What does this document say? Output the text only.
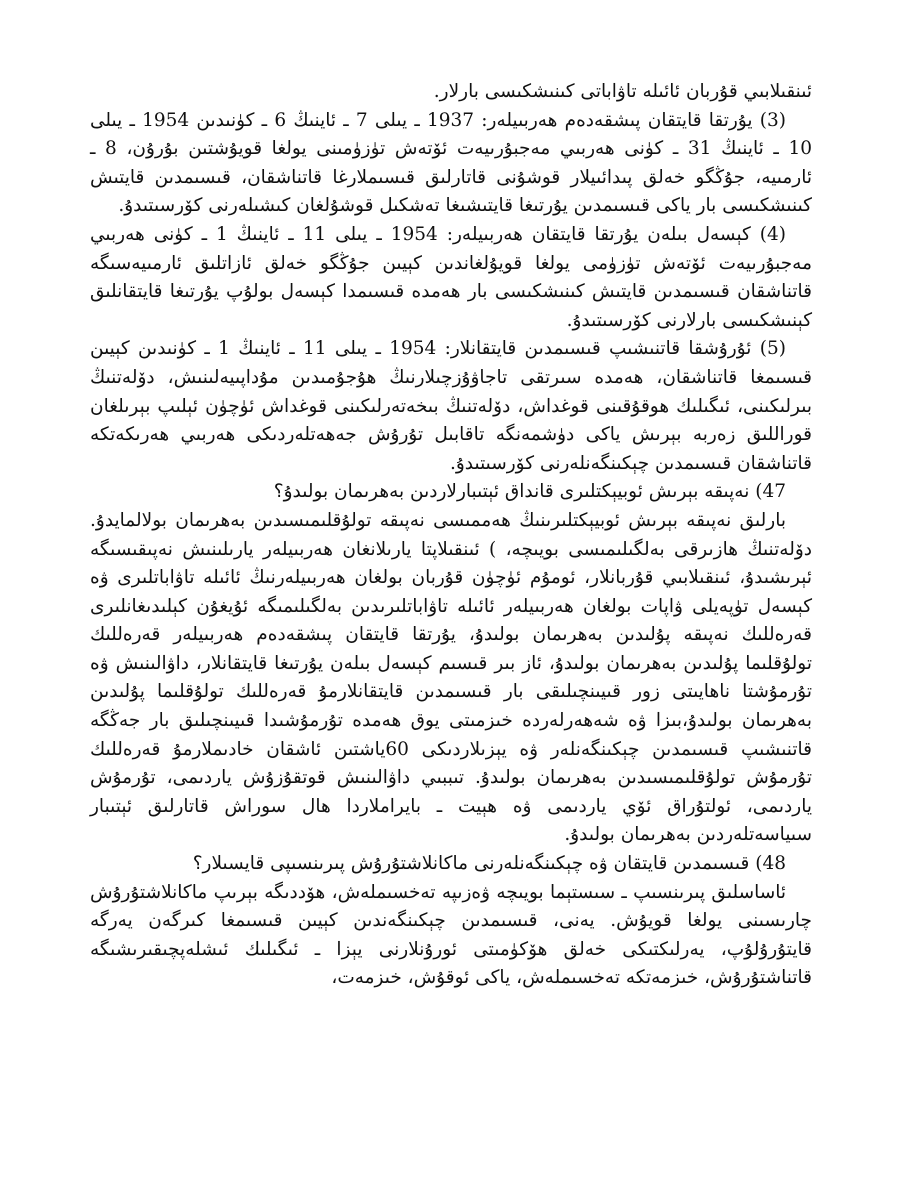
ئىنقىلابىي قۇربان ئائىلە تاۋاباتى كىنىشكىسى بارلار.

(3) يۇرتقا قايتقان پىشقەدەم ھەربىيلەر: 1937 ـ يىلى 7 ـ ئاينىڭ 6 ـ كۈنىدىن 1954 ـ يىلى 10 ـ ئاينىڭ 31 ـ كۈنى ھەربىي مەجبۇرىيەت ئۆتەش تۈزۈمىنى يولغا قويۇشتىن بۇرۇن، 8 ـ ئارمىيە، جۇڭگو خەلق پىدائىيلار قوشۇنى قاتارلىق قىسىملارغا قاتناشقان، قىسىمدىن قايتىش كىنىشكىسى بار ياكى قىسىمدىن يۇرتىغا قايتىشىغا تەشكىل قوشۇلغان كىشىلەرنى كۆرسىتىدۇ.

(4) كېسەل بىلەن يۇرتقا قايتقان ھەربىيلەر: 1954 ـ يىلى 11 ـ ئاينىڭ 1 ـ كۈنى ھەربىي مەجبۇرىيەت ئۆتەش تۈزۈمى يولغا قويۇلغاندىن كېيىن جۇڭگو خەلق ئازاتلىق ئارمىيەسىگە قاتناشقان قىسىمدىن قايتىش كىنىشكىسى بار ھەمدە قىسىمدا كېسەل بولۇپ يۇرتىغا قايتقانلىق كېنىشكىسى بارلارنى كۆرسىتىدۇ.

(5) ئۇرۇشقا قاتنىشىپ قىسىمدىن قايتقانلار: 1954 ـ يىلى 11 ـ ئاينىڭ 1 ـ كۈنىدىن كېيىن قىسىمغا قاتناشقان، ھەمدە سىرتقى تاجاۋۇزچىلارنىڭ ھۇجۇمىدىن مۇداپىيەلىنىش، دۆلەتنىڭ بىرلىكىنى، ئىگىلىك ھوقۇقىنى قوغداش، دۆلەتنىڭ بىخەتەرلىكىنى قوغداش ئۈچۈن ئېلىپ بېرىلغان قوراللىق زەربە بېرىش ياكى دۈشمەنگە تاقابىل تۇرۇش جەھەتلەردىكى ھەربىي ھەرىكەتكە قاتناشقان قىسىمدىن چېكىنگەنلەرنى كۆرسىتىدۇ.

47) نەپىقە بېرىش ئوبيېكتلىرى قانداق ئېتىبارلاردىن بەھرىمان بولىدۇ؟

بارلىق نەپىقە بېرىش ئوبيېكتلىرىنىڭ ھەممىسى نەپىقە تولۇقلىمىسىدىن بەھرىمان بولالمايدۇ. دۆلەتنىڭ ھازىرقى بەلگىلىمىسى بويىچە، ) ئىنقىلاپتا يارىلانغان ھەربىيلەر يارىلىنىش نەپىقىسىگە ئېرىشىدۇ، ئىنقىلابىي قۇربانلار، ئومۇم ئۈچۈن قۇربان بولغان ھەربىيلەرنىڭ ئائىلە تاۋاباتلىرى ۋە كېسەل تۈپەيلى ۋاپات بولغان ھەربىيلەر ئائىلە تاۋاباتلىرىدىن بەلگىلىمىگە ئۇيغۇن كېلىدىغانلىرى قەرەللىك نەپىقە پۇلىدىن بەھرىمان بولىدۇ، يۇرتقا قايتقان پىشقەدەم ھەربىيلەر قەرەللىك تولۇقلىما پۇلىدىن بەھرىمان بولىدۇ، ئاز بىر قىسىم كېسەل بىلەن يۇرتىغا قايتقانلار، داۋالىنىش ۋە تۇرمۇشتا ناھايىتى زور قىيىنچىلىقى بار قىسىمدىن قايتقانلارمۇ قەرەللىك تولۇقلىما پۇلىدىن بەھرىمان بولىدۇ،بىزا ۋە شەھەرلەردە خىزمىتى يوق ھەمدە تۇرمۇشىدا قىيىنچىلىق بار جەڭگە قاتنىشىپ قىسىمدىن چېكىنگەنلەر ۋە يېزىلاردىكى 60ياشتىن ئاشقان خادىملارمۇ قەرەللىك تۇرمۇش تولۇقلىمىسىدىن بەھرىمان بولىدۇ. تىببىي داۋالىنىش قوتقۇزۇش ياردىمى، تۇرمۇش ياردىمى، ئولتۇراق ئۆي ياردىمى ۋە ھېيت ـ بايراملاردا ھال سوراش قاتارلىق ئېتىبار سىياسەتلەردىن بەھرىمان بولىدۇ.

48) قىسىمدىن قايتقان ۋە چېكىنگەنلەرنى ماكانلاشتۇرۇش پىرىنسىپى قايسىلار؟

ئاساسلىق پىرىنسىپ ـ سىستېما بويىچە ۋەزىپە تەخسىملەش، ھۆددىگە بېرىپ ماكانلاشتۇرۇش چارىسىنى يولغا قويۇش. يەنى، قىسىمدىن چېكىنگەندىن كېيىن قىسىمغا كىرگەن يەرگە قايتۇرۇلۇپ، يەرلىكتىكى خەلق ھۆكۈمىتى ئورۇنلارنى يېزا ـ ئىگىلىك ئىشلەپچىقىرىشىگە قاتناشتۇرۇش، خىزمەتكە تەخسىملەش، ياكى ئوقۇش، خىزمەت،
